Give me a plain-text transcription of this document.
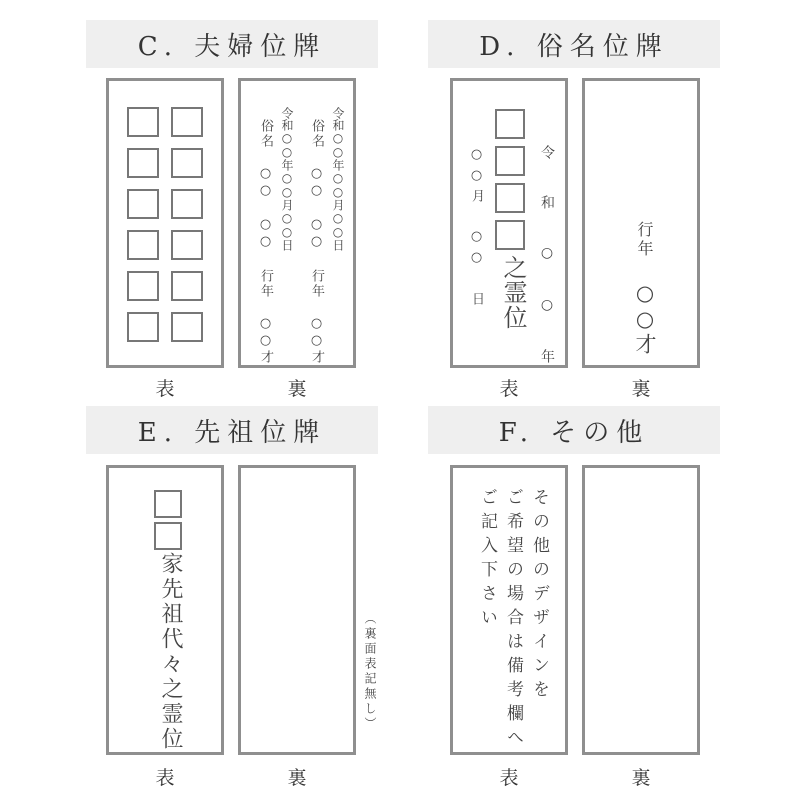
C. 夫婦位牌
令和○○年○○月○○日
俗名 ○○ ○○
行年 ○○才
令和○○年○○月○○日
俗名 ○○ ○○
行年 ○○才
表	裏
D. 俗名位牌
令 和 ○ ○ 年
之霊位
○○月 ○○ 日	行年
○○才
表	裏
E. 先祖位牌
家先祖代々之霊位	（裏面表記無し）
表	裏
F. その他
その他のデザインを
ご希望の場合は備考欄へ
ご記入下さい
表	裏
